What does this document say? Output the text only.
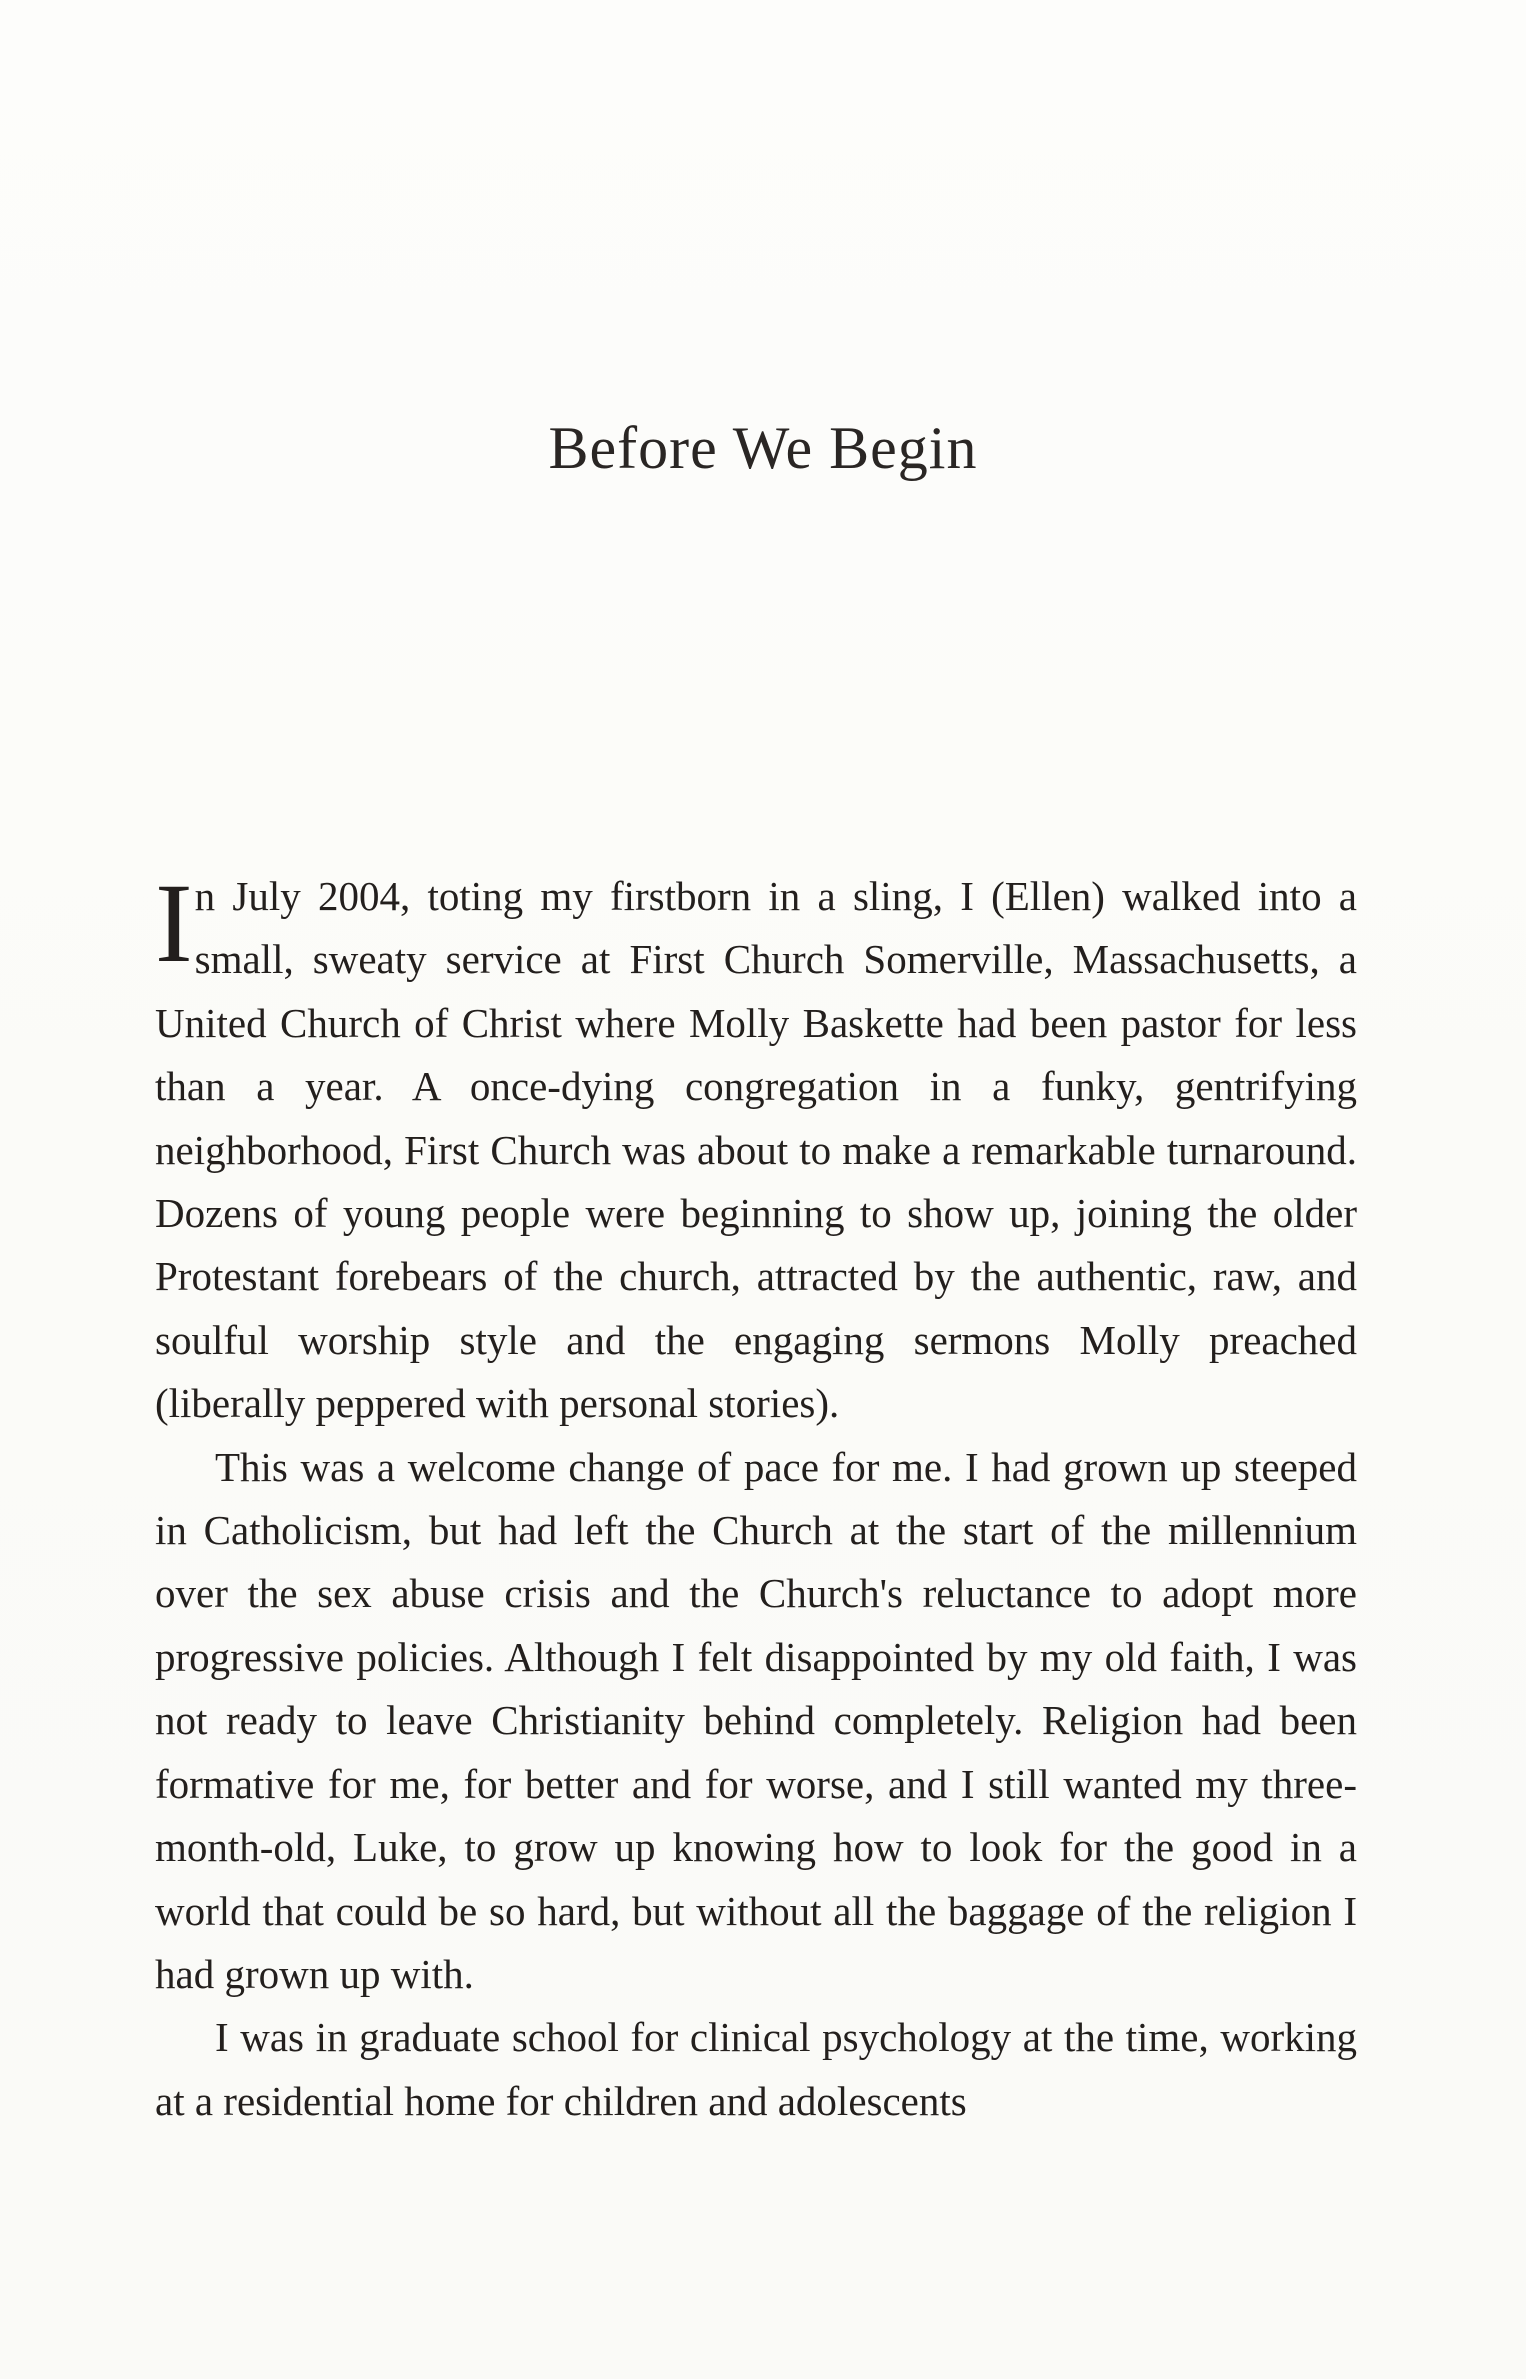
Before We Begin

In July 2004, toting my firstborn in a sling, I (Ellen) walked into a small, sweaty service at First Church Somerville, Massachusetts, a United Church of Christ where Molly Baskette had been pastor for less than a year. A once-dying congregation in a funky, gentrifying neighborhood, First Church was about to make a remarkable turnaround. Dozens of young people were beginning to show up, joining the older Protestant forebears of the church, attracted by the authentic, raw, and soulful worship style and the engaging sermons Molly preached (liberally peppered with personal stories).

This was a welcome change of pace for me. I had grown up steeped in Catholicism, but had left the Church at the start of the millennium over the sex abuse crisis and the Church's reluctance to adopt more progressive policies. Although I felt disappointed by my old faith, I was not ready to leave Christianity behind completely. Religion had been formative for me, for better and for worse, and I still wanted my three-month-old, Luke, to grow up knowing how to look for the good in a world that could be so hard, but without all the baggage of the religion I had grown up with.

I was in graduate school for clinical psychology at the time, working at a residential home for children and adolescents
